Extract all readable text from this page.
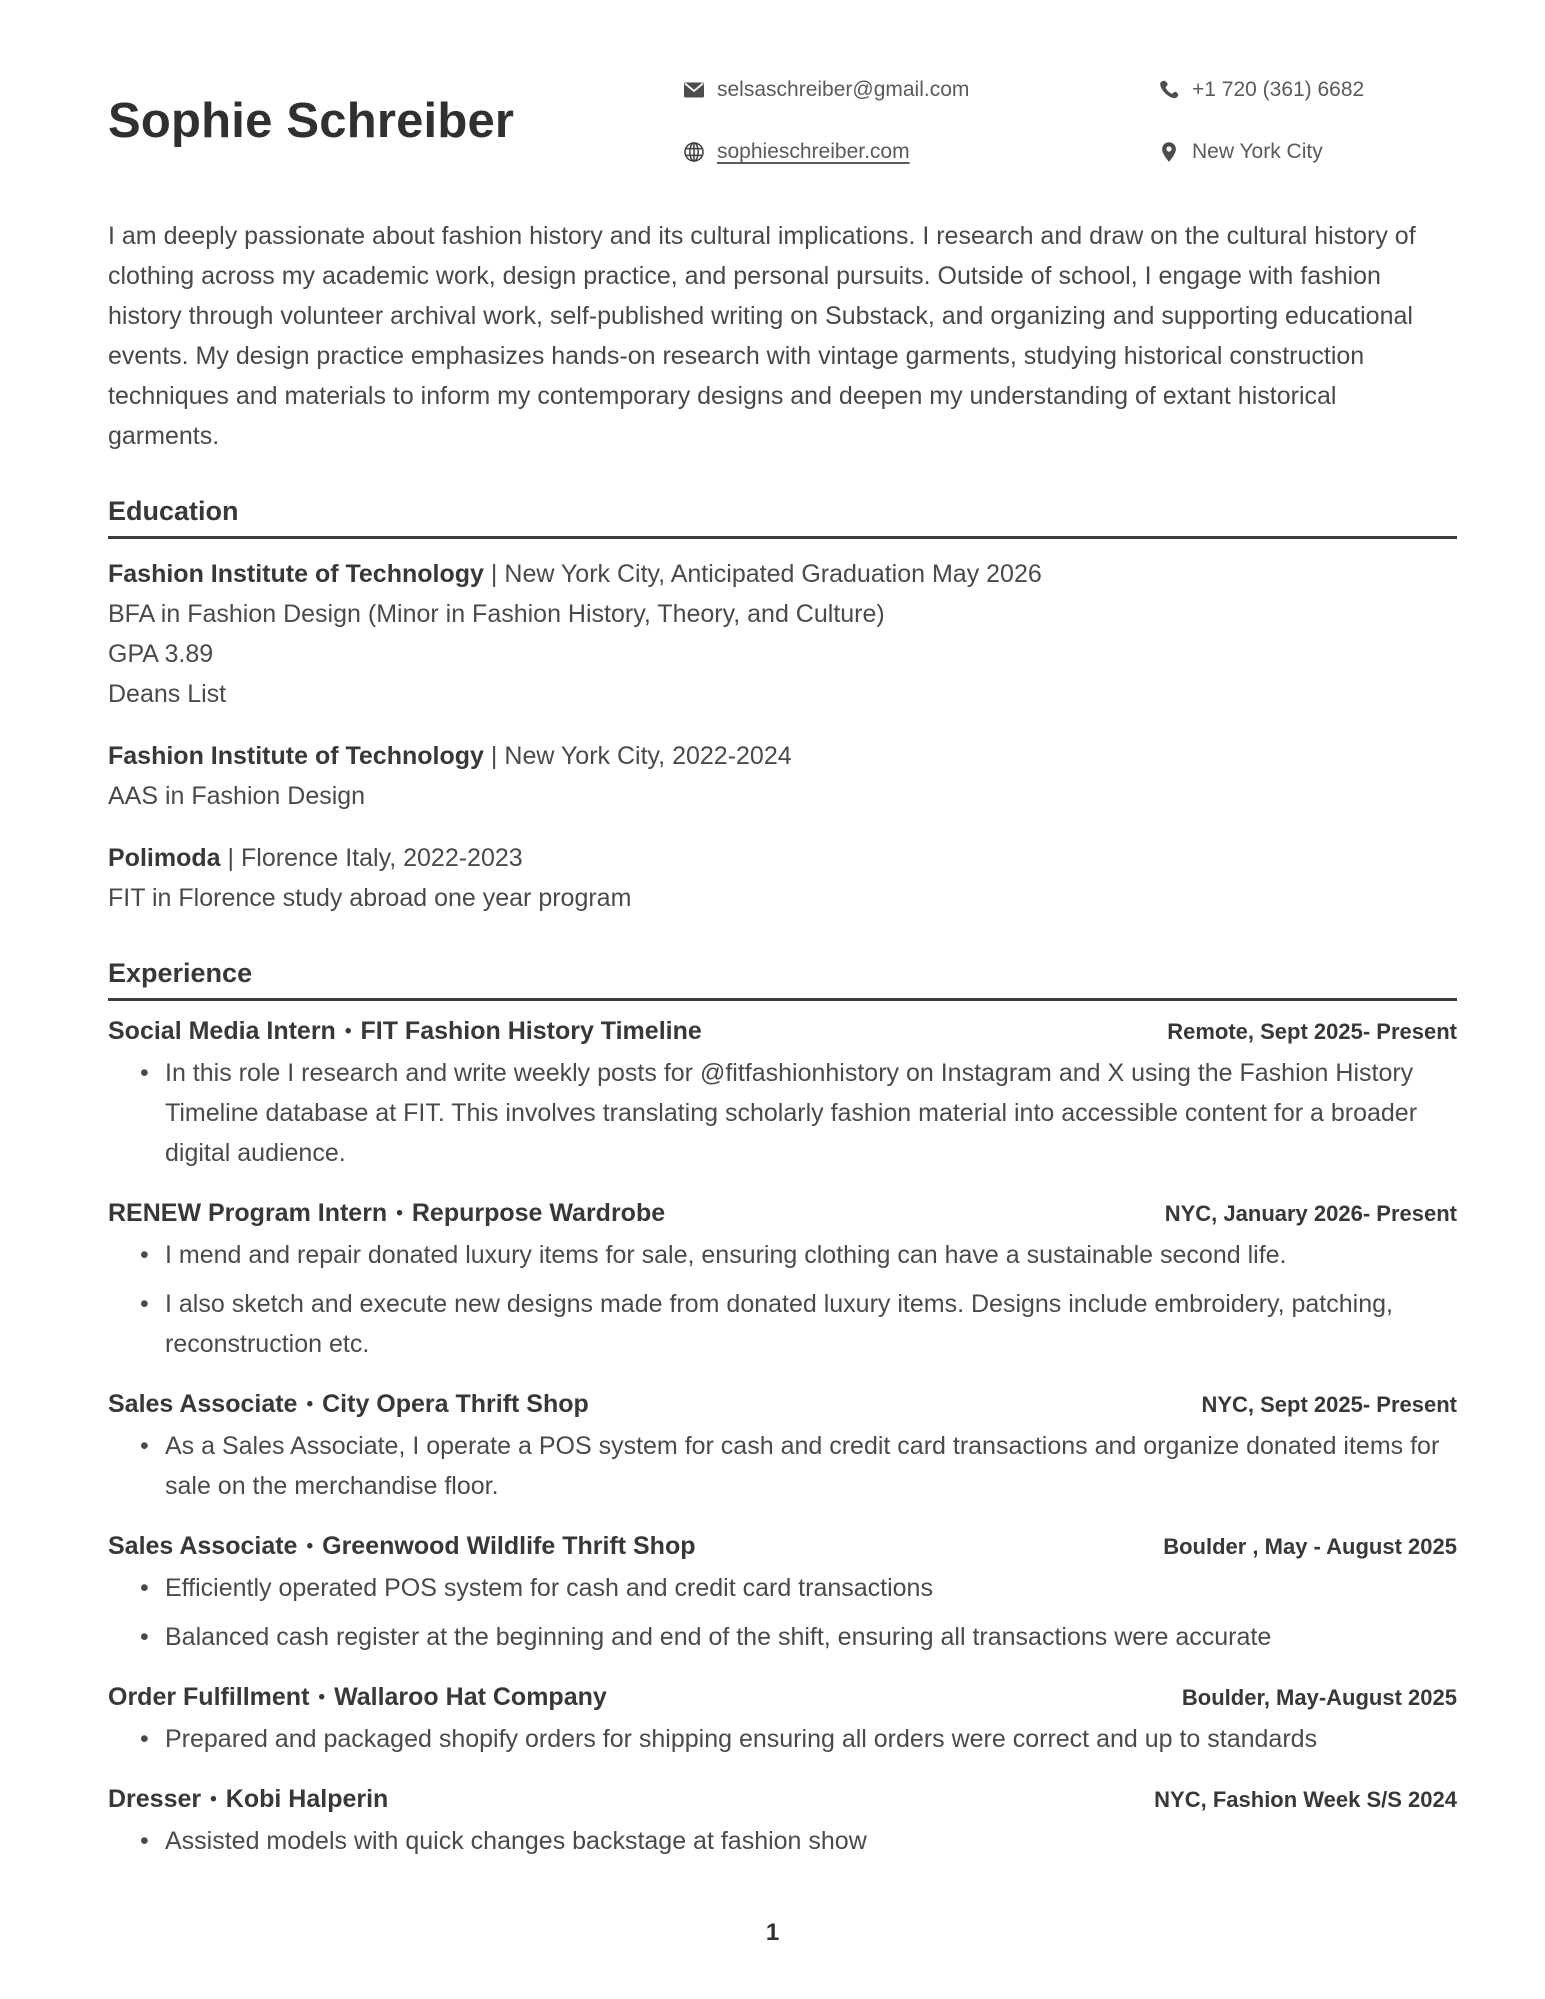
Sophie Schreiber
selsaschreiber@gmail.com	+1 720 (361) 6682
sophieschreiber.com	New York City

I am deeply passionate about fashion history and its cultural implications. I research and draw on the cultural history of clothing across my academic work, design practice, and personal pursuits. Outside of school, I engage with fashion history through volunteer archival work, self-published writing on Substack, and organizing and supporting educational events. My design practice emphasizes hands-on research with vintage garments, studying historical construction techniques and materials to inform my contemporary designs and deepen my understanding of extant historical garments.

Education
Fashion Institute of Technology | New York City, Anticipated Graduation May 2026
BFA in Fashion Design (Minor in Fashion History, Theory, and Culture)
GPA 3.89
Deans List
Fashion Institute of Technology | New York City, 2022-2024
AAS in Fashion Design
Polimoda | Florence Italy, 2022-2023
FIT in Florence study abroad one year program
Experience
Social Media Intern • FIT Fashion History Timeline	Remote, Sept 2025- Present
• In this role I research and write weekly posts for @fitfashionhistory on Instagram and X using the Fashion History Timeline database at FIT. This involves translating scholarly fashion material into accessible content for a broader digital audience.
RENEW Program Intern • Repurpose Wardrobe	NYC, January 2026- Present
• I mend and repair donated luxury items for sale, ensuring clothing can have a sustainable second life.
• I also sketch and execute new designs made from donated luxury items. Designs include embroidery, patching, reconstruction etc.
Sales Associate • City Opera Thrift Shop	NYC, Sept 2025- Present
• As a Sales Associate, I operate a POS system for cash and credit card transactions and organize donated items for sale on the merchandise floor.
Sales Associate • Greenwood Wildlife Thrift Shop	Boulder , May - August 2025
• Efficiently operated POS system for cash and credit card transactions
• Balanced cash register at the beginning and end of the shift, ensuring all transactions were accurate
Order Fulfillment • Wallaroo Hat Company	Boulder, May-August 2025
• Prepared and packaged shopify orders for shipping ensuring all orders were correct and up to standards
Dresser • Kobi Halperin	NYC, Fashion Week S/S 2024
• Assisted models with quick changes backstage at fashion show
1
